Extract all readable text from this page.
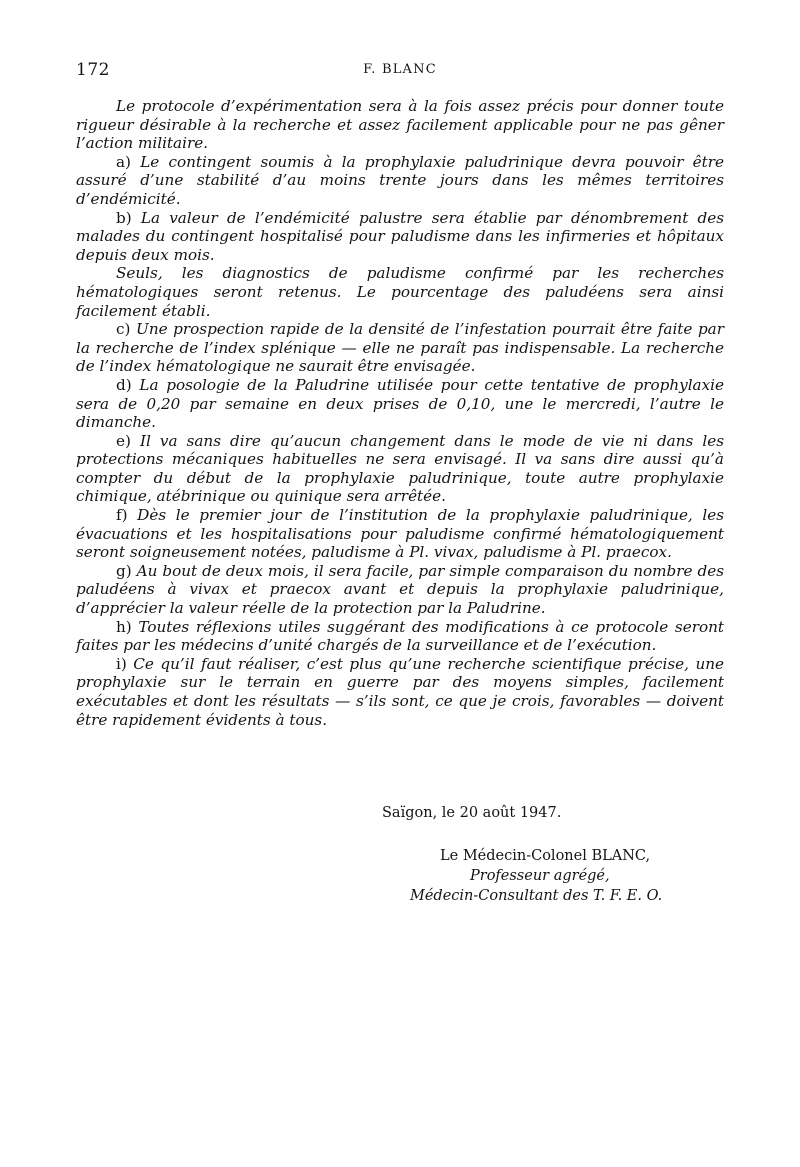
172	F. BLANC

Le protocole d’expérimentation sera à la fois assez précis pour donner toute rigueur désirable à la recherche et assez facilement applicable pour ne pas gêner l’action militaire.

a) Le contingent soumis à la prophylaxie paludrinique devra pouvoir être assuré d’une stabilité d’au moins trente jours dans les mêmes territoires d’endémicité.

b) La valeur de l’endémicité palustre sera établie par dénombrement des malades du contingent hospitalisé pour paludisme dans les infirmeries et hôpitaux depuis deux mois.

Seuls, les diagnostics de paludisme confirmé par les recherches hématologiques seront retenus. Le pourcentage des paludéens sera ainsi facilement établi.

c) Une prospection rapide de la densité de l’infestation pourrait être faite par la recherche de l’index splénique — elle ne paraît pas indispensable. La recherche de l’index hématologique ne saurait être envisagée.

d) La posologie de la Paludrine utilisée pour cette tentative de prophylaxie sera de 0,20 par semaine en deux prises de 0,10, une le mercredi, l’autre le dimanche.

e) Il va sans dire qu’aucun changement dans le mode de vie ni dans les protections mécaniques habituelles ne sera envisagé. Il va sans dire aussi qu’à compter du début de la prophylaxie paludrinique, toute autre prophylaxie chimique, atébrinique ou quinique sera arrêtée.

f) Dès le premier jour de l’institution de la prophylaxie paludrinique, les évacuations et les hospitalisations pour paludisme confirmé hématologiquement seront soigneusement notées, paludisme à Pl. vivax, paludisme à Pl. praecox.

g) Au bout de deux mois, il sera facile, par simple comparaison du nombre des paludéens à vivax et praecox avant et depuis la prophylaxie paludrinique, d’apprécier la valeur réelle de la protection par la Paludrine.

h) Toutes réflexions utiles suggérant des modifications à ce protocole seront faites par les médecins d’unité chargés de la surveillance et de l’exécution.

i) Ce qu’il faut réaliser, c’est plus qu’une recherche scientifique précise, une prophylaxie sur le terrain en guerre par des moyens simples, facilement exécutables et dont les résultats — s’ils sont, ce que je crois, favorables — doivent être rapidement évidents à tous.

Saïgon, le 20 août 1947.
Le Médecin-Colonel BLANC,
Professeur agrégé,
Médecin-Consultant des T. F. E. O.
